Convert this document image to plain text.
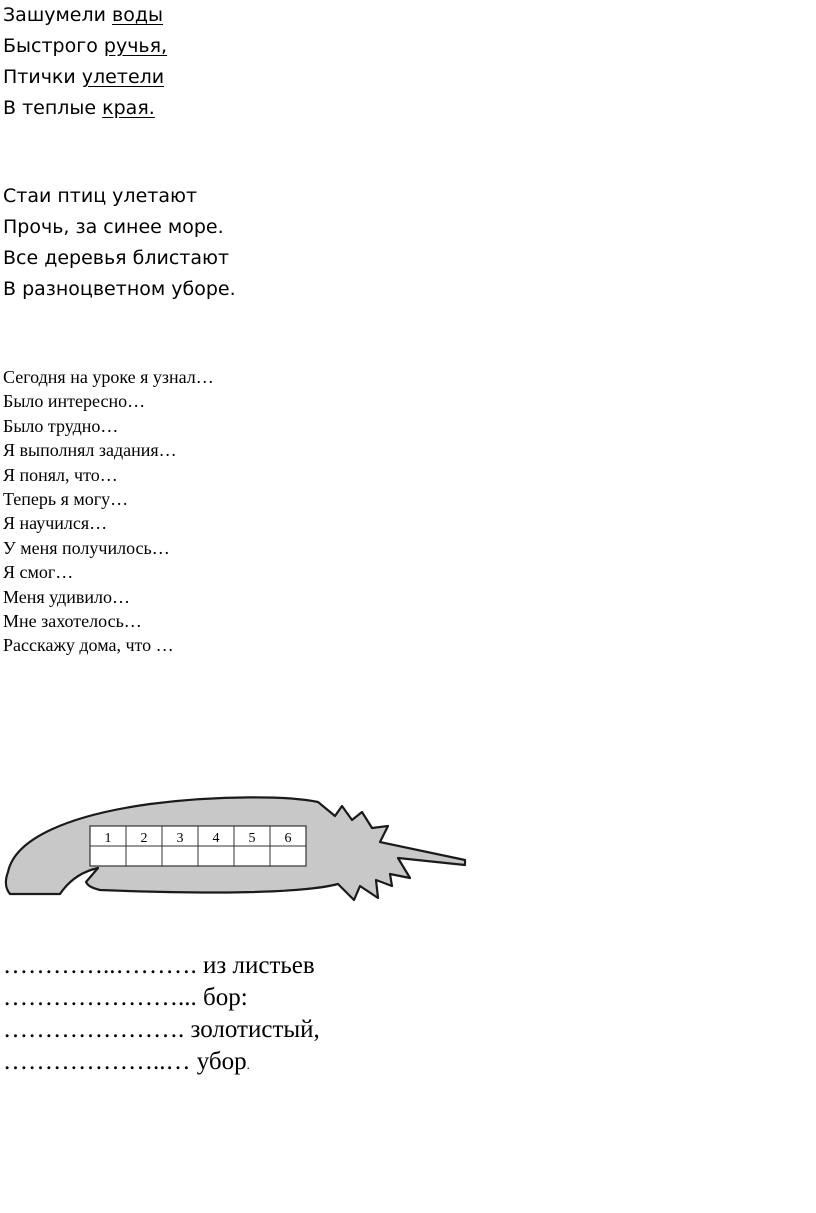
Зашумели воды
Быстрого ручья,
Птички улетели
В теплые края.
Стаи птиц улетают
Прочь, за синее море.
Все деревья блистают
В разноцветном уборе.
Сегодня на уроке я узнал…
Было интересно…
Было трудно…
Я выполнял задания…
Я понял, что…
Теперь я могу…
Я научился…
У меня получилось…
Я смог…
Меня удивило…
Мне захотелось…
Расскажу дома, что …
1 2 3 4 5 6
…………..………. из листьев
…………………... бор:
…………………. золотистый,
………………..… убор.
